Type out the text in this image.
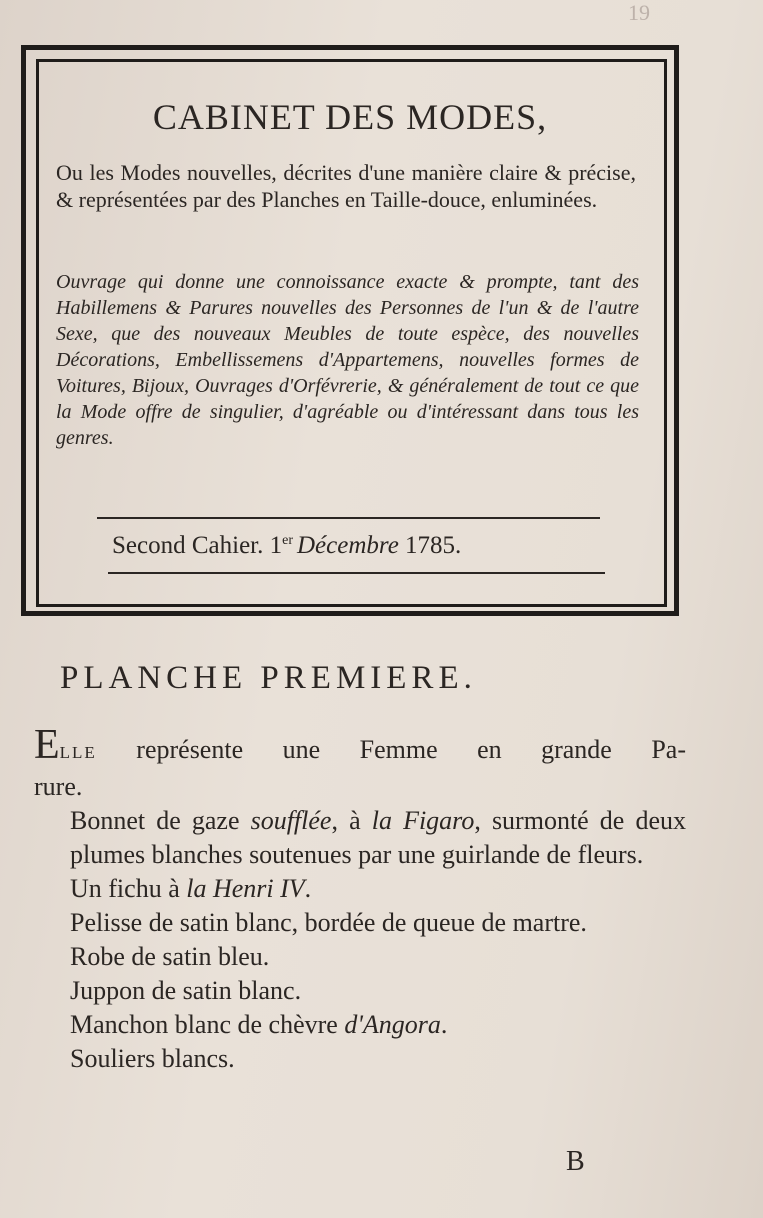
19
CABINET DES MODES,
Ou les Modes nouvelles, décrites d'une manière claire & précise, & représentées par des Planches en Taille-douce, enluminées.
Ouvrage qui donne une connoissance exacte & prompte, tant des Habillemens & Parures nouvelles des Personnes de l'un & de l'autre Sexe, que des nouveaux Meubles de toute espèce, des nouvelles Décorations, Embellissemens d'Appartemens, nouvelles formes de Voitures, Bijoux, Ouvrages d'Orfévrerie, & généralement de tout ce que la Mode offre de singulier, d'agréable ou d'intéressant dans tous les genres.
Second Cahier. 1er Décembre 1785.
PLANCHE PREMIERE.

ELLE représente une Femme en grande Pa-

rure.

Bonnet de gaze soufflée, à la Figaro, surmonté de deux plumes blanches soutenues par une guirlande de fleurs.

Un fichu à la Henri IV.

Pelisse de satin blanc, bordée de queue de martre.

Robe de satin bleu.

Juppon de satin blanc.

Manchon blanc de chèvre d'Angora.

Souliers blancs.

B
